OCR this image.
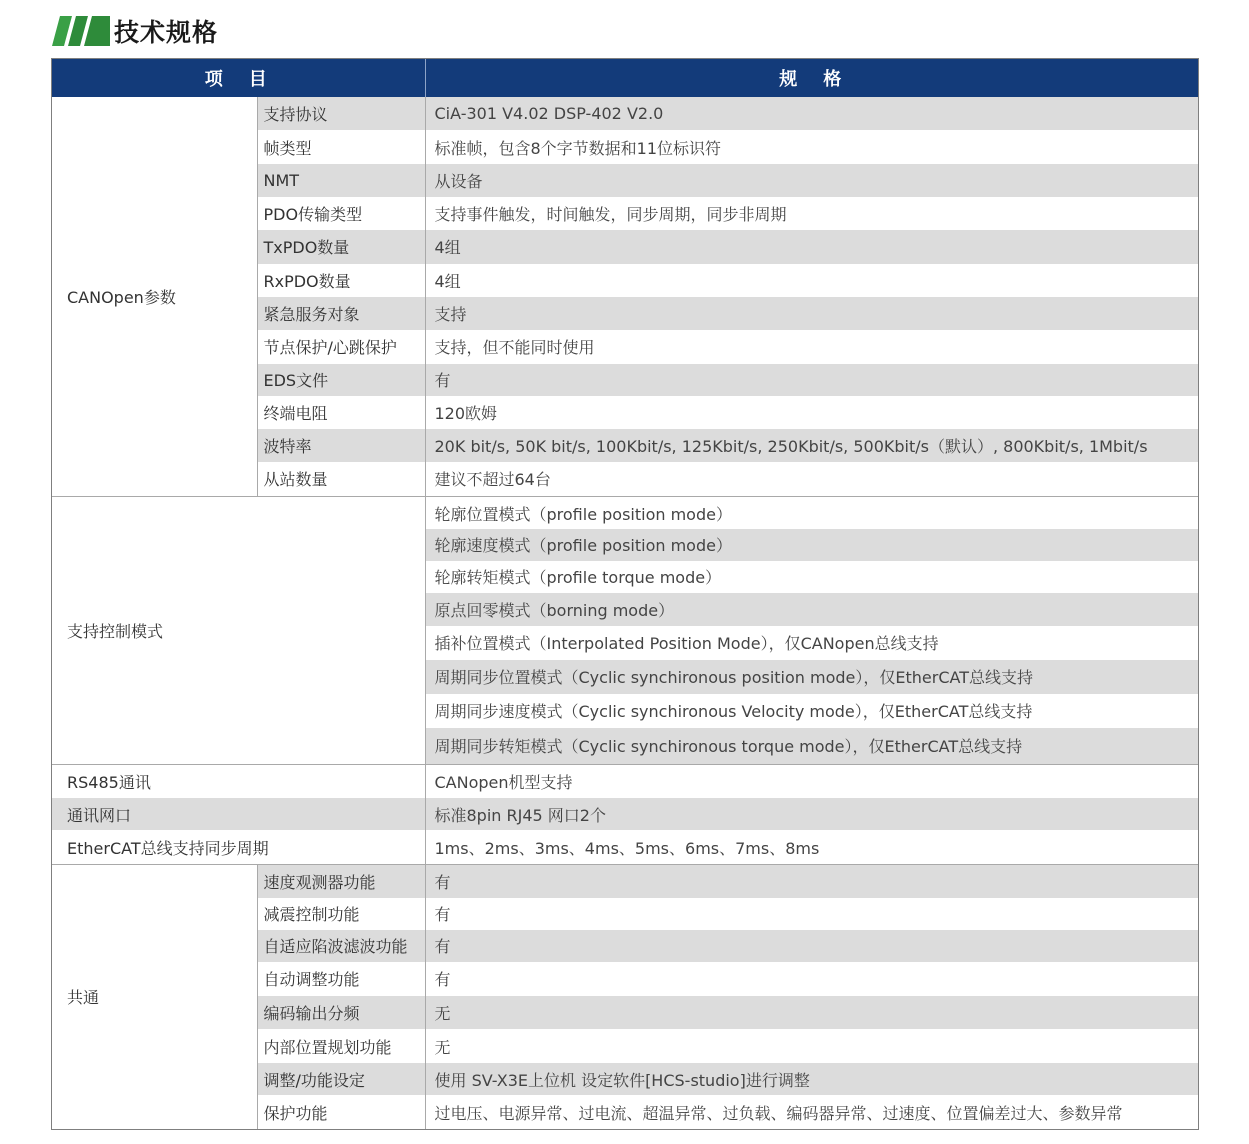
技术规格
项　目		规　格
CANOpen参数	支持协议	CiA-301 V4.02 DSP-402 V2.0
	帧类型	标准帧，包含8个字节数据和11位标识符
	NMT	从设备
	PDO传输类型	支持事件触发，时间触发，同步周期，同步非周期
	TxPDO数量	4组
	RxPDO数量	4组
	紧急服务对象	支持
	节点保护/心跳保护	支持，但不能同时使用
	EDS文件	有
	终端电阻	120欧姆
	波特率	20K bit/s, 50K bit/s, 100Kbit/s, 125Kbit/s, 250Kbit/s, 500Kbit/s（默认）, 800Kbit/s, 1Mbit/s
	从站数量	建议不超过64台
支持控制模式		轮廓位置模式（profile position mode）
		轮廓速度模式（profile position mode）
		轮廓转矩模式（profile torque mode）
		原点回零模式（borning mode）
		插补位置模式（Interpolated Position Mode），仅CANopen总线支持
		周期同步位置模式（Cyclic synchironous position mode），仅EtherCAT总线支持
		周期同步速度模式（Cyclic synchironous Velocity mode），仅EtherCAT总线支持
		周期同步转矩模式（Cyclic synchironous torque mode），仅EtherCAT总线支持
RS485通讯		CANopen机型支持
通讯网口		标准8pin RJ45 网口2个
EtherCAT总线支持同步周期		1ms、2ms、3ms、4ms、5ms、6ms、7ms、8ms
共通	速度观测器功能	有
	减震控制功能	有
	自适应陷波滤波功能	有
	自动调整功能	有
	编码输出分频	无
	内部位置规划功能	无
	调整/功能设定	使用 SV-X3E上位机 设定软件[HCS-studio]进行调整
	保护功能	过电压、电源异常、过电流、超温异常、过负载、编码器异常、过速度、位置偏差过大、参数异常
